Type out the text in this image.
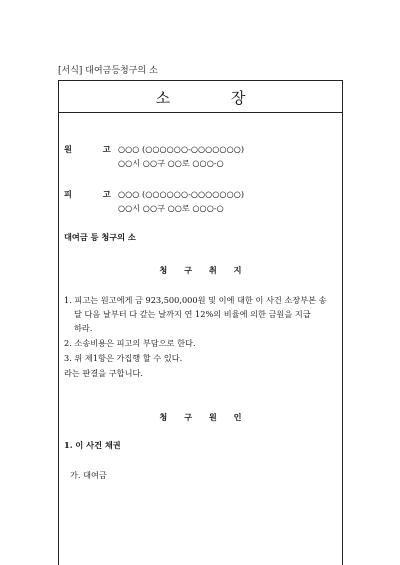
[서식] 대여금등청구의 소
소 장
원 고
○○○ (○○○○○○-○○○○○○○)
○○시 ○○구 ○○로 ○○○-○
피 고
○○○ (○○○○○○-○○○○○○○)
○○시 ○○구 ○○로 ○○○-○
대여금 등 청구의 소
청 구 취 지
1. 피고는 원고에게 금 923,500,000원 및 이에 대한 이 사건 소장부본 송
달 다음 날부터 다 갚는 날까지 연 12%의 비율에 의한 금원을 지급
하라.
2. 소송비용은 피고의 부담으로 한다.
3. 위 제1항은 가집행 할 수 있다.
라는 판결을 구합니다.
청 구 원 인
1. 이 사건 채권
가. 대여금
